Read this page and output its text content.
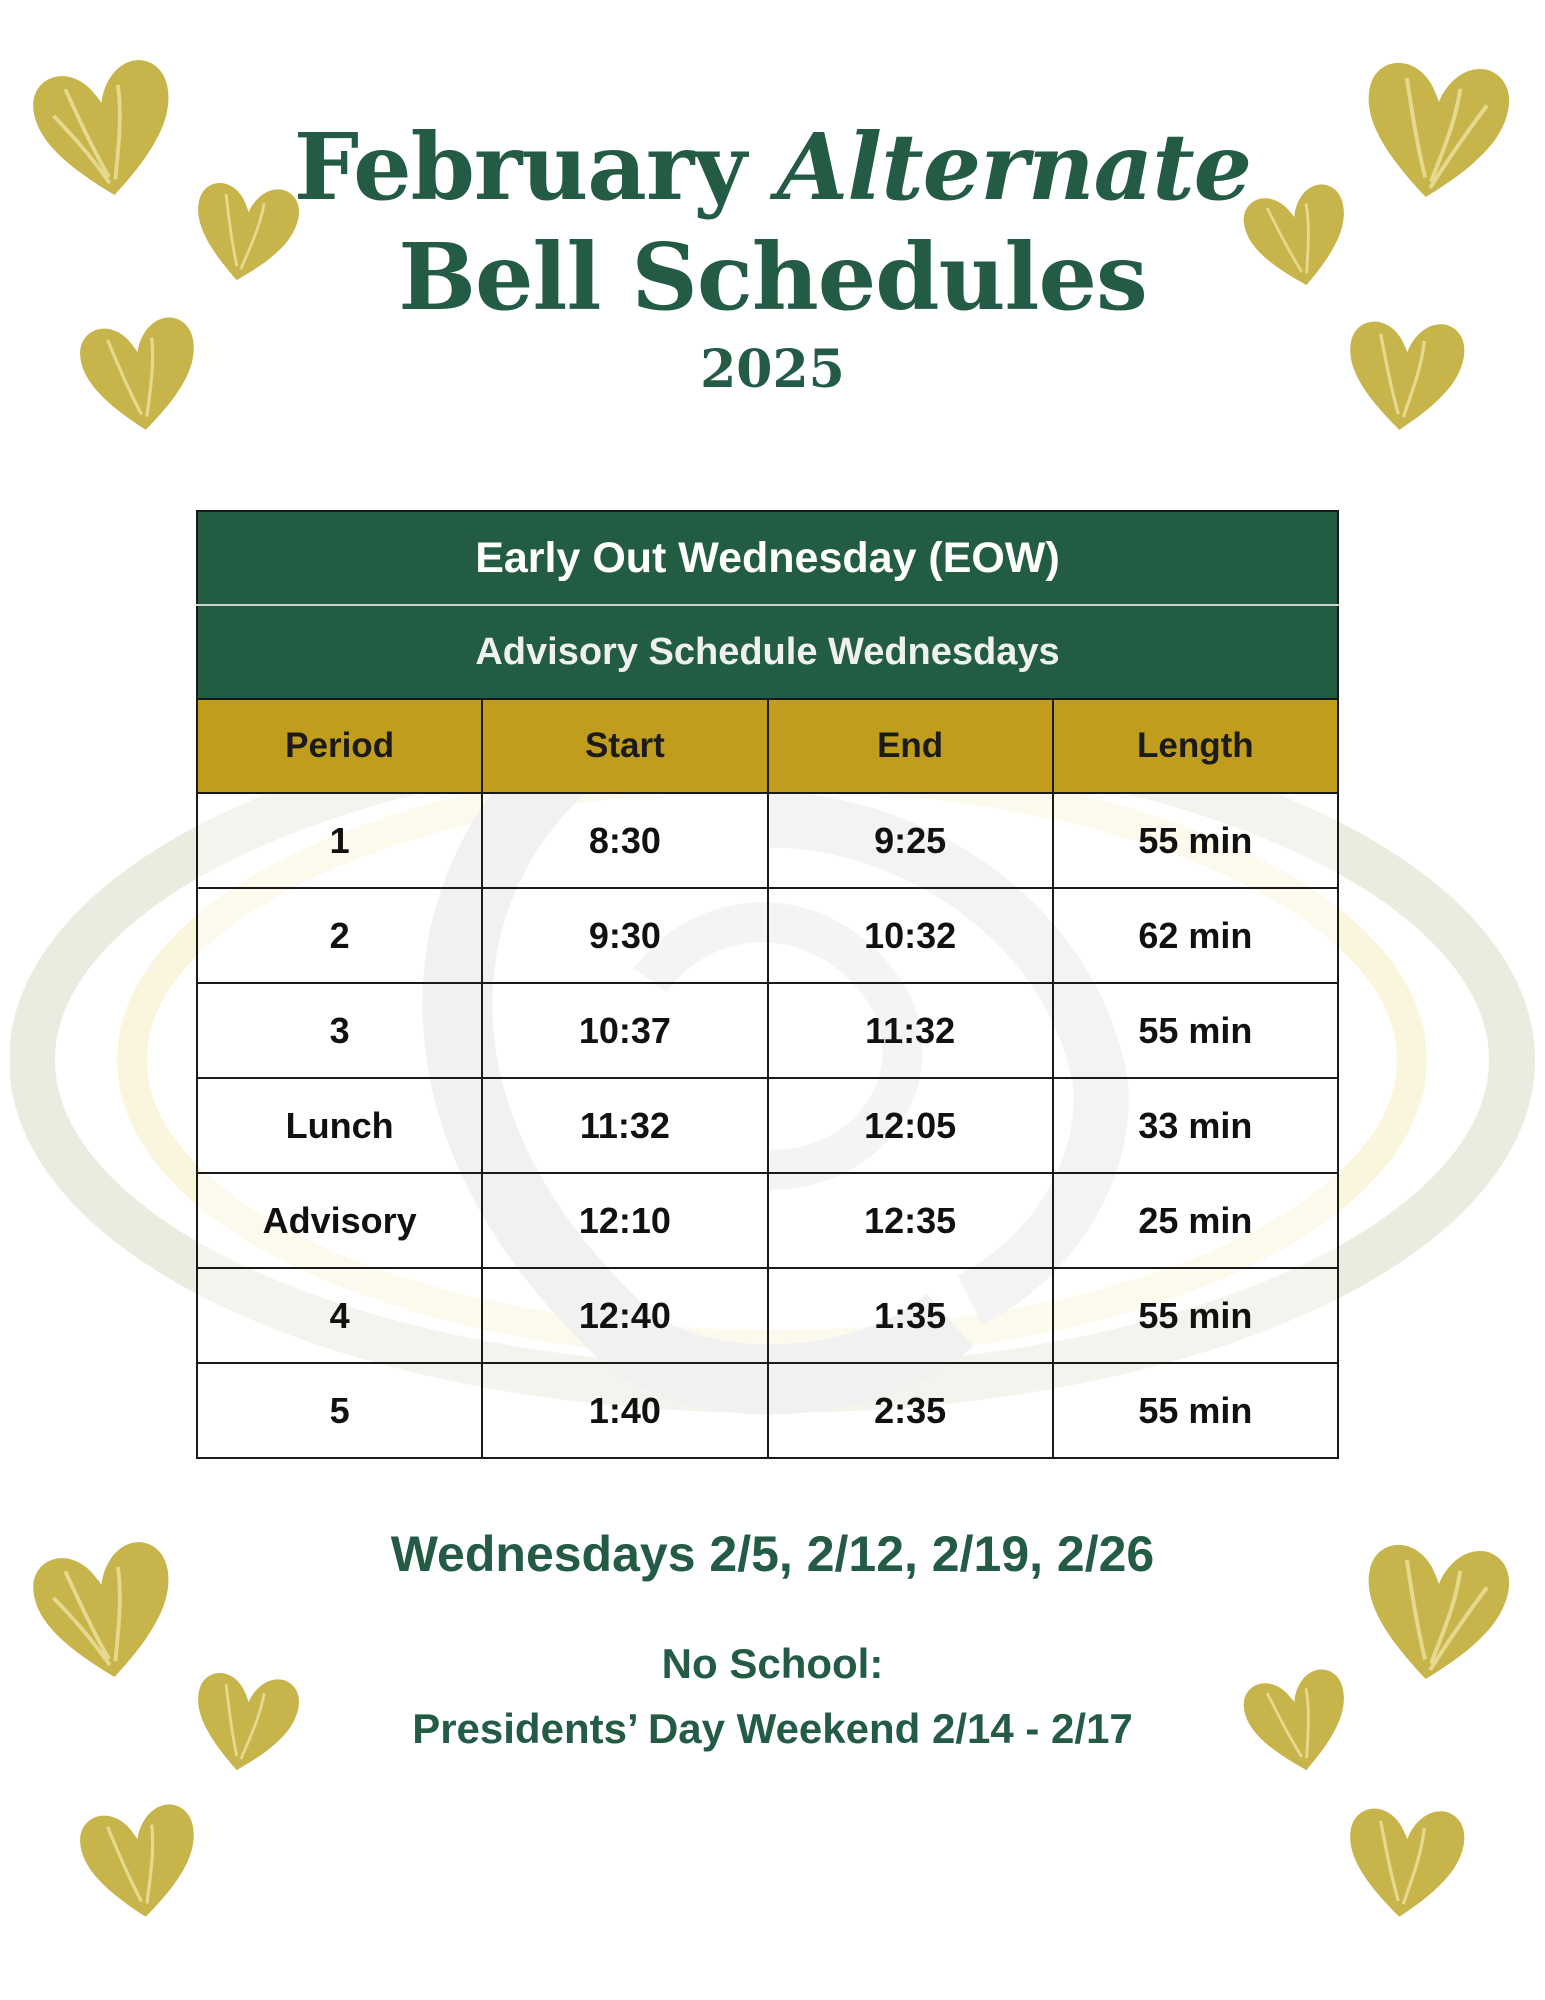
February Alternate
Bell Schedules
2025
Early Out Wednesday (EOW)			
Advisory Schedule Wednesdays			
Period	Start	End	Length
1	8:30	9:25	55 min
2	9:30	10:32	62 min
3	10:37	11:32	55 min
Lunch	11:32	12:05	33 min
Advisory	12:10	12:35	25 min
4	12:40	1:35	55 min
5	1:40	2:35	55 min
Wednesdays 2/5, 2/12, 2/19, 2/26
No School:
Presidents’ Day Weekend 2/14 - 2/17
